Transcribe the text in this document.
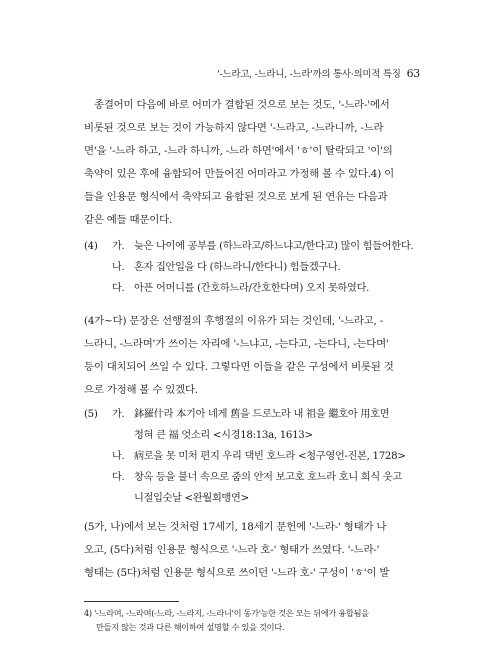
'-느라고, -느라니, -느라'까의 통사·의미적 특징 63
종결어미 다음에 바로 어미가 결합된 것으로 보는 것도, '-느라-'에서
비롯된 것으로 보는 것이 가능하지 않다면 '-느라고, -느라니까, -느라
면'을 '-느라 하고, -느라 하니까, -느라 하면'에서 'ㅎ'이 탈락되고 '이'의
축약이 있은 후에 융합되어 만들어진 어미라고 가정해 볼 수 있다.4) 이
들을 인용문 형식에서 축약되고 융합된 것으로 보게 된 연유는 다음과
같은 예들 때문이다.
(4)	가. 늦은 나이에 공부를 (하느라고/하느냐고/한다고) 많이 힘들어한다.
나. 혼자 집안일을 다 (하느라니/한다니) 힘들겠구나.
다. 아픈 어머니를 (간호하느라/간호한다며) 오지 못하였다.
(4가~다) 문장은 선행절의 후행절의 이유가 되는 것인데, '-느라고, -
느라니, -느라며'가 쓰이는 자리에 '-느냐고, -는다고, -는다니, -는다며'
등이 대치되어 쓰일 수 있다. 그렇다면 이들을 같은 구성에서 비롯된 것
으로 가정해 볼 수 있겠다.
(5)	가. 鉢羅什라 本기아 네게 舊을 드로노라 내 祖을 繼호아 用호면
청혀 큰 福 엇소리 <시경18:13a, 1613>
나. 病로을 못 미처 편지 우리 댁빈 호느라 <청구영언-진본, 1728>
다. 창옥 등을 불너 속으로 줌의 안저 보고호 호느라 호니 희식 웃고
니절입숫날 <완월회맹연>
(5가, 나)에서 보는 것처럼 17세기, 18세기 문헌에 '-느라-' 형태가 나
오고, (5다)처럼 인용문 형식으로 '-느라 호-' 형태가 쓰였다. '-느라-'
형태는 (5다)처럼 인용문 형식으로 쓰이던 '-느라 호-' 구성이 'ㅎ'이 발
4) '-느라며, -느라며(-느라, -느라지, -느라니'이 동가'능한 것은 모는 뒤에가 융합됨을
만들지 않는 것과 다른 해이하여 설명할 수 있을 것이다.
